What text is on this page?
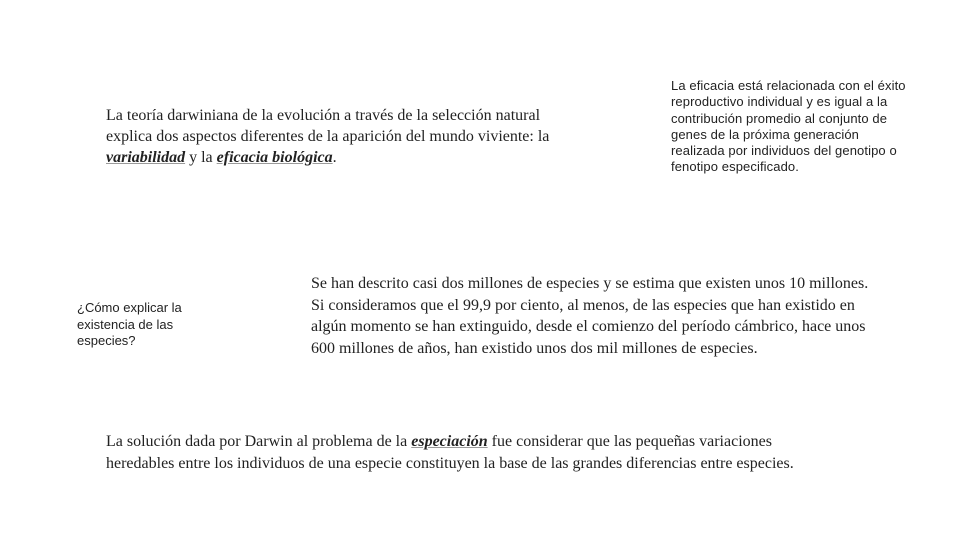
La teoría darwiniana de la evolución a través de la selección natural explica dos aspectos diferentes de la aparición del mundo viviente: la variabilidad y la eficacia biológica.

La eficacia está relacionada con el éxito reproductivo individual y es igual a la contribución promedio al conjunto de genes de la próxima generación realizada por individuos del genotipo o fenotipo especificado.

¿Cómo explicar la existencia de las especies?

Se han descrito casi dos millones de especies y se estima que existen unos 10 millones. Si consideramos que el 99,9 por ciento, al menos, de las especies que han existido en algún momento se han extinguido, desde el comienzo del período cámbrico, hace unos 600 millones de años, han existido unos dos mil millones de especies.

La solución dada por Darwin al problema de la especiación fue considerar que las pequeñas variaciones heredables entre los individuos de una especie constituyen la base de las grandes diferencias entre especies.
